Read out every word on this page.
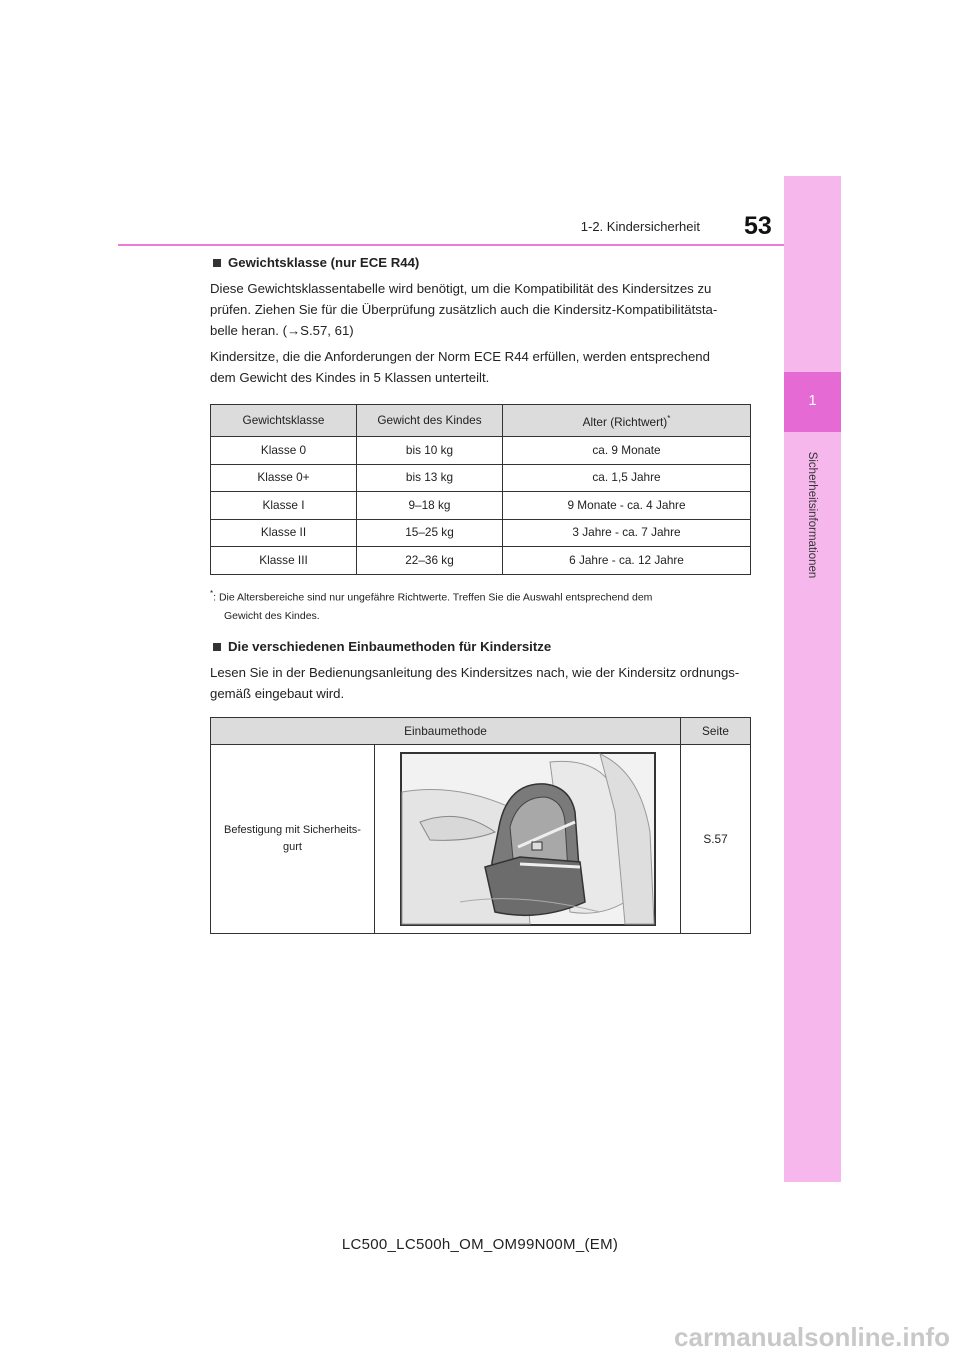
1
Sicherheitsinformationen
53
1-2. Kindersicherheit

Gewichtsklasse (nur ECE R44)

Diese Gewichtsklassentabelle wird benötigt, um die Kompatibilität des Kindersitzes zu
prüfen. Ziehen Sie für die Überprüfung zusätzlich auch die Kindersitz-Kompatibilitätsta-
belle heran. (→S.57, 61)

Kindersitze, die die Anforderungen der Norm ECE R44 erfüllen, werden entsprechend
dem Gewicht des Kindes in 5 Klassen unterteilt.

Gewichtsklasse	Gewicht des Kindes	Alter (Richtwert)*
Klasse 0	bis 10 kg	ca. 9 Monate
Klasse 0+	bis 13 kg	ca. 1,5 Jahre
Klasse I	9–18 kg	9 Monate - ca. 4 Jahre
Klasse II	15–25 kg	3 Jahre - ca. 7 Jahre
Klasse III	22–36 kg	6 Jahre - ca. 12 Jahre

*: Die Altersbereiche sind nur ungefähre Richtwerte. Treffen Sie die Auswahl entsprechend dem
Gewicht des Kindes.

Die verschiedenen Einbaumethoden für Kindersitze

Lesen Sie in der Bedienungsanleitung des Kindersitzes nach, wie der Kindersitz ordnungs-
gemäß eingebaut wird.

Einbaumethode		Seite
Befestigung mit Sicherheits-
gurt		S.57
LC500_LC500h_OM_OM99N00M_(EM)
carmanualsonline.info
